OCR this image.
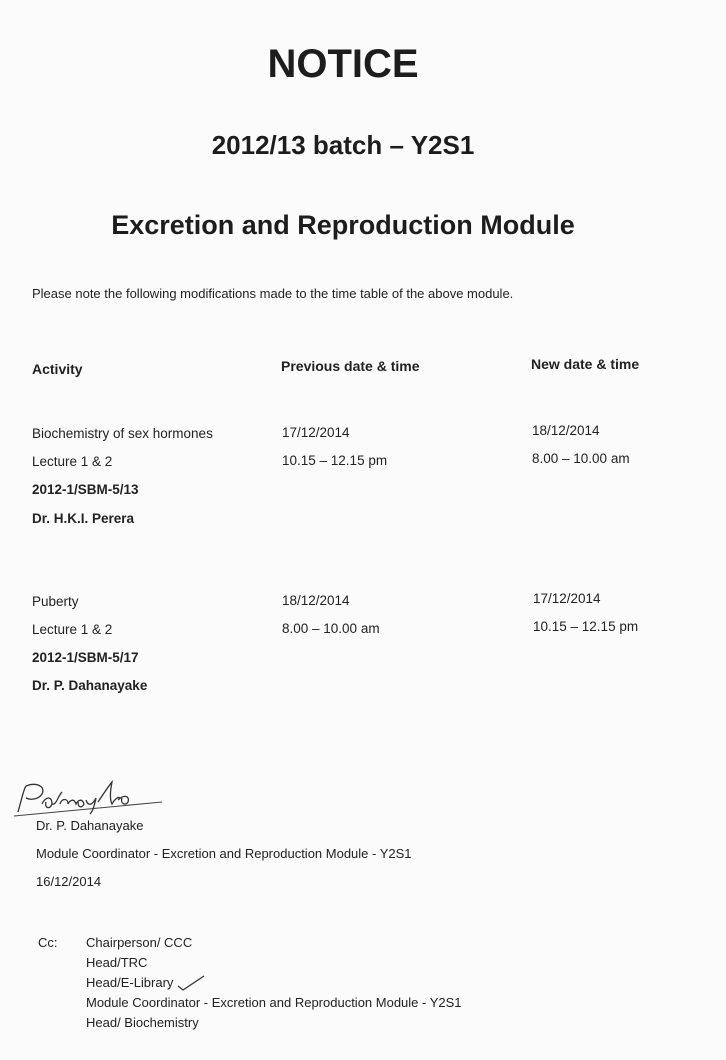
NOTICE
2012/13 batch – Y2S1
Excretion and Reproduction Module
Please note the following modifications made to the time table of the above module.
Activity	Previous date & time	New date & time
Biochemistry of sex hormones
Lecture 1 & 2
2012-1/SBM-5/13
Dr. H.K.I. Perera
17/12/2014
10.15 – 12.15 pm
18/12/2014
8.00 – 10.00 am
Puberty
Lecture 1 & 2
2012-1/SBM-5/17
Dr. P. Dahanayake
18/12/2014
8.00 – 10.00 am
17/12/2014
10.15 – 12.15 pm
Dr. P. Dahanayake
Module Coordinator - Excretion and Reproduction Module - Y2S1
16/12/2014
Cc: Chairperson/ CCC
Head/TRC
Head/E-Library
Module Coordinator - Excretion and Reproduction Module - Y2S1
Head/ Biochemistry
